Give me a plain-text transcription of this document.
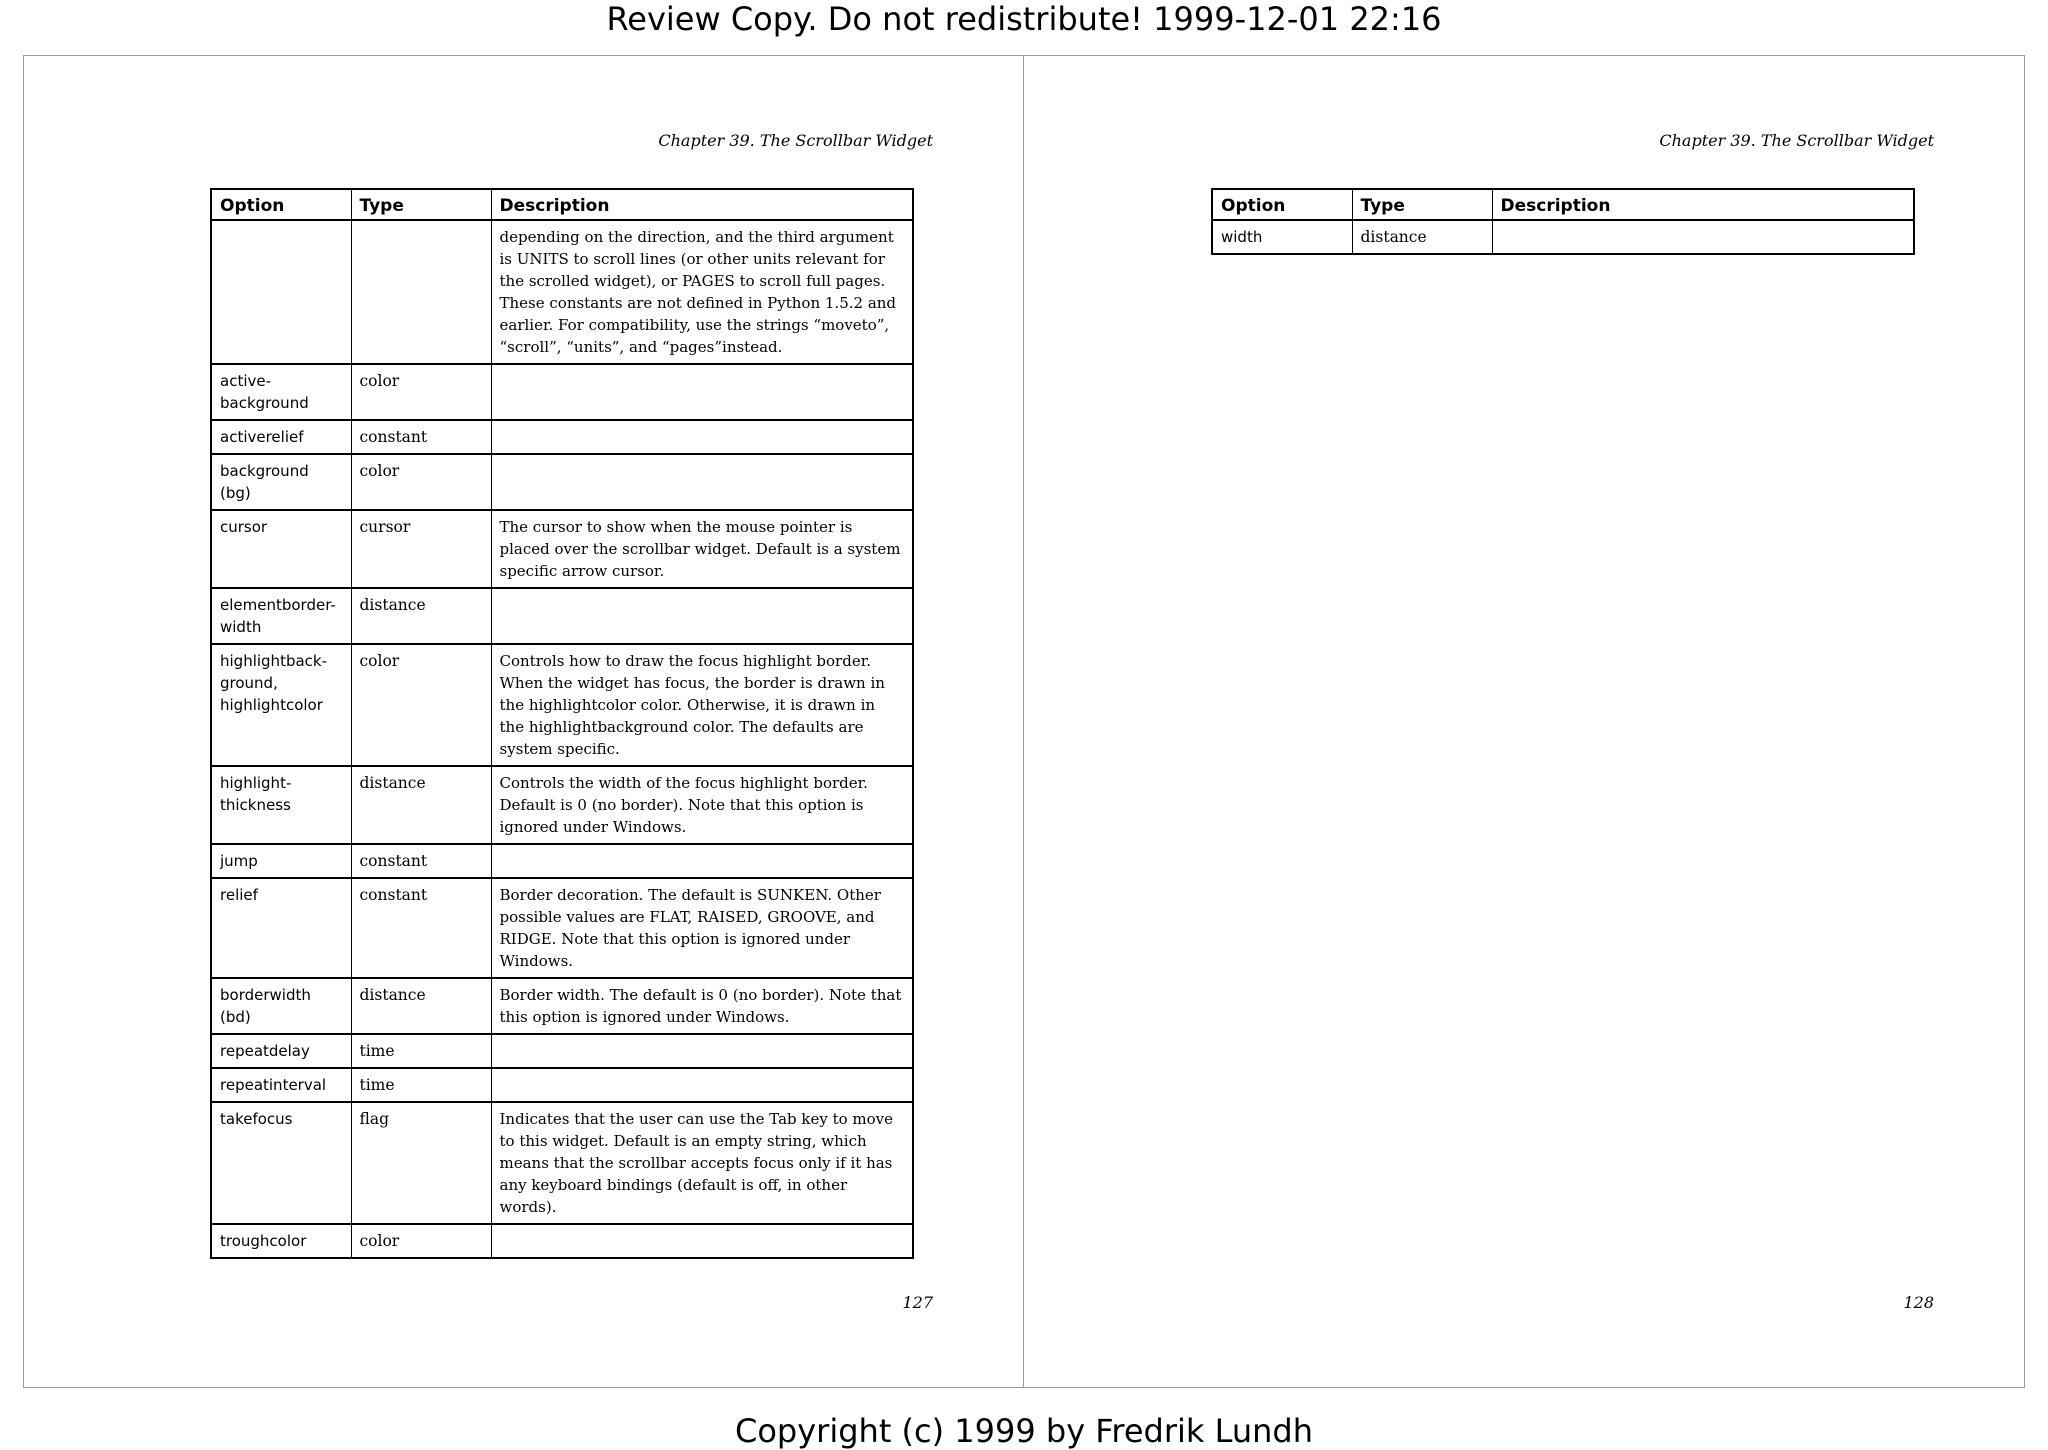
Review Copy. Do not redistribute! 1999-12-01 22:16
Chapter 39. The Scrollbar Widget
127
Option	Type	Description
		depending on the direction, and the third argument is UNITS to scroll lines (or other units relevant for the scrolled widget), or PAGES to scroll full pages. These constants are not defined in Python 1.5.2 and earlier. For compatibility, use the strings “moveto”, “scroll”, “units”, and “pages”instead.
active-background	color	
activerelief	constant	
background (bg)	color	
cursor	cursor	The cursor to show when the mouse pointer is placed over the scrollbar widget. Default is a system specific arrow cursor.
elementborder-width	distance	
highlightback-ground, highlightcolor	color	Controls how to draw the focus highlight border. When the widget has focus, the border is drawn in the highlightcolor color. Otherwise, it is drawn in the highlightbackground color. The defaults are system specific.
highlight-thickness	distance	Controls the width of the focus highlight border. Default is 0 (no border). Note that this option is ignored under Windows.
jump	constant	
relief	constant	Border decoration. The default is SUNKEN. Other possible values are FLAT, RAISED, GROOVE, and RIDGE. Note that this option is ignored under Windows.
borderwidth (bd)	distance	Border width. The default is 0 (no border). Note that this option is ignored under Windows.
repeatdelay	time	
repeatinterval	time	
takefocus	flag	Indicates that the user can use the Tab key to move to this widget. Default is an empty string, which means that the scrollbar accepts focus only if it has any keyboard bindings (default is off, in other words).
troughcolor	color	
Chapter 39. The Scrollbar Widget
128
Option	Type	Description
width	distance	
Copyright (c) 1999 by Fredrik Lundh
